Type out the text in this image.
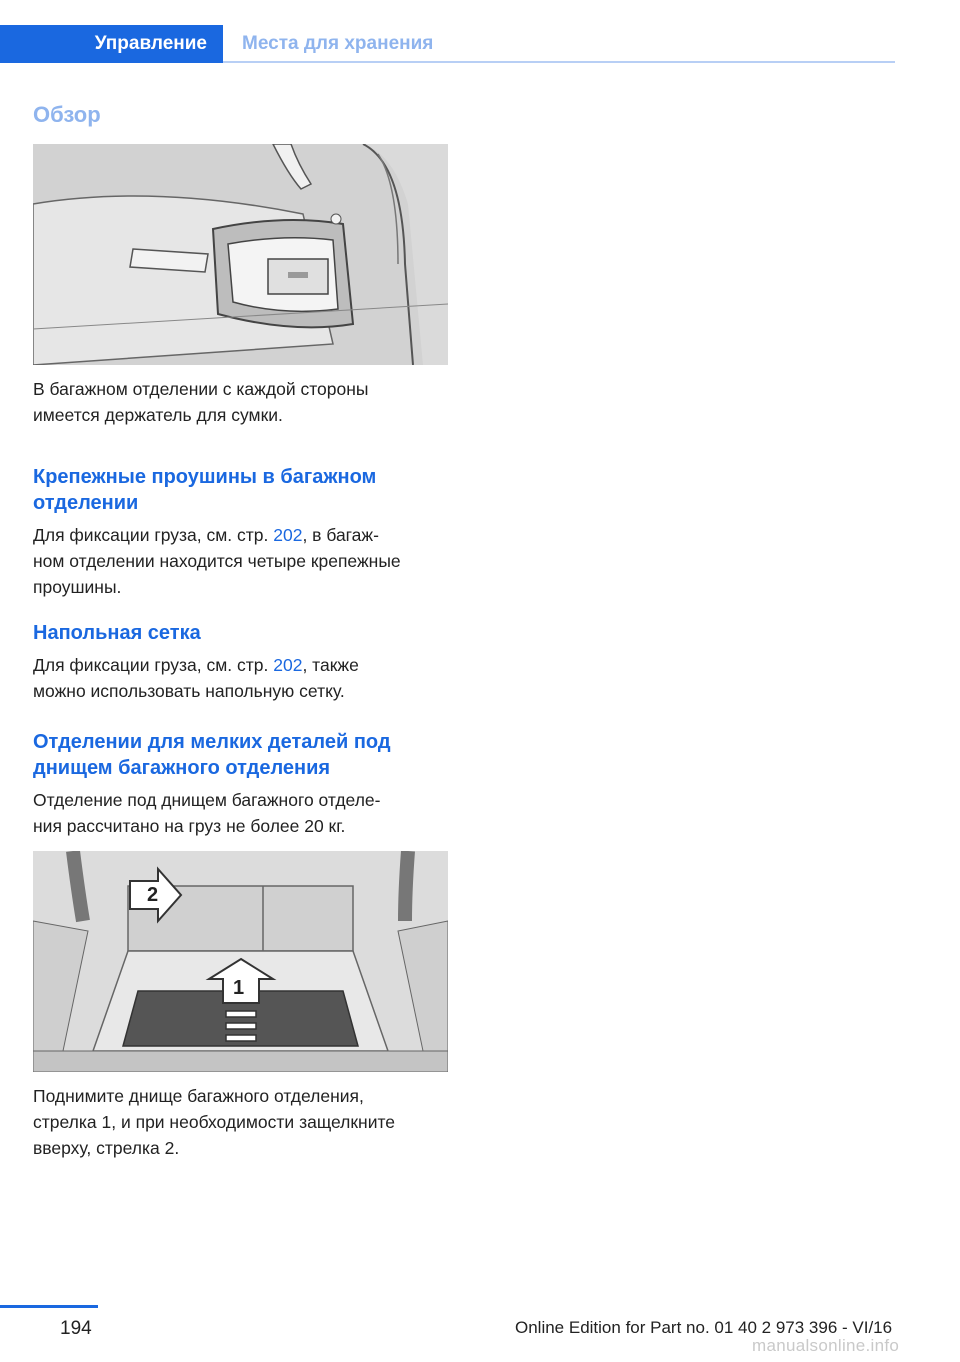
Управление	Места для хранения
Обзор
В багажном отделении с каждой стороны
имеется держатель для сумки.
Крепежные проушины в багажном
отделении
Для фиксации груза, см. стр. 202, в багаж-
ном отделении находится четыре крепежные
проушины.
Напольная сетка
Для фиксации груза, см. стр. 202, также
можно использовать напольную сетку.
Отделении для мелких деталей под
днищем багажного отделения
Отделение под днищем багажного отделе-
ния рассчитано на груз не более 20 кг.
1
2
Поднимите днище багажного отделения,
стрелка 1, и при необходимости защелкните
вверху, стрелка 2.
194	Online Edition for Part no. 01 40 2 973 396 - VI/16
manualsonline.info
